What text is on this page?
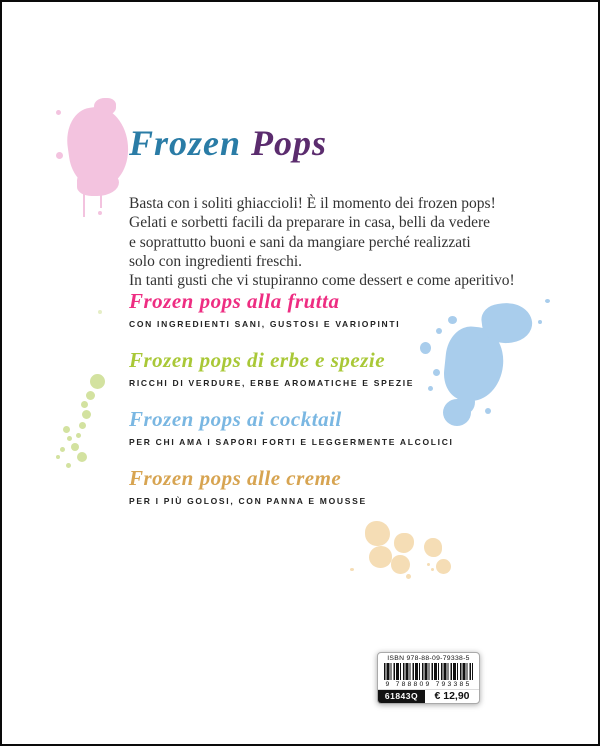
Frozen Pops
Basta con i soliti ghiaccioli! È il momento dei frozen pops!
Gelati e sorbetti facili da preparare in casa, belli da vedere
e soprattutto buoni e sani da mangiare perché realizzati
solo con ingredienti freschi.
In tanti gusti che vi stupiranno come dessert e come aperitivo!
Frozen pops alla frutta
CON INGREDIENTI SANI, GUSTOSI E VARIOPINTI
Frozen pops di erbe e spezie
RICCHI DI VERDURE, ERBE AROMATICHE E SPEZIE
Frozen pops ai cocktail
PER CHI AMA I SAPORI FORTI E LEGGERMENTE ALCOLICI
Frozen pops alle creme
PER I PIÙ GOLOSI, CON PANNA E MOUSSE
ISBN 978-88-09-79338-5
9 788809 793385
61843Q	€ 12,90
